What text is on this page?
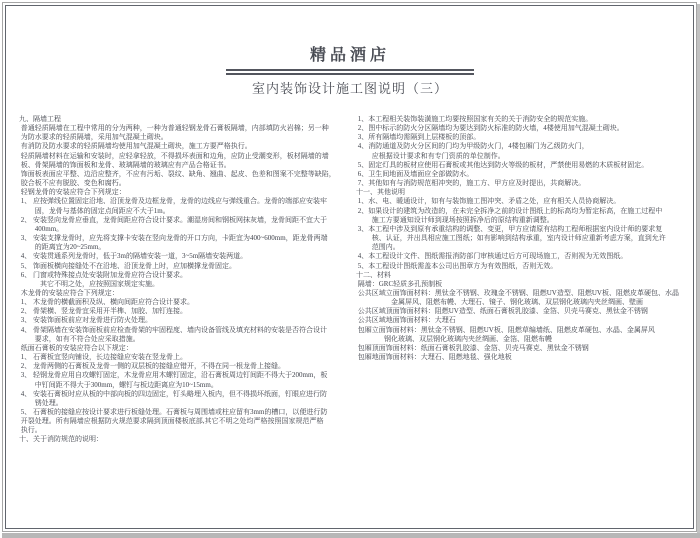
精品酒店
室内装饰设计施工图说明（三）
九、隔墙工程
普通轻质隔墙在工程中常用的分为两种，一种为普通轻钢龙骨石膏板隔墙，内部填防火岩棉；另一种
为防水要求的轻质隔墙，采用加气混凝土砌块。
有消防及防水要求的轻质隔墙均使用加气混凝土砌块，施工方要严格执行。
轻质隔墙材料在运输和安装时，应轻拿轻放，不得损坏表面和边角，应防止受潮变形，板材隔墙的墙
板、骨架隔墙的饰面板和龙骨、玻璃隔墙的玻璃应有产品合格证书。
饰面板表面应平整、边沿应整齐，不应有污垢、裂纹、缺角、翘曲、起皮、色差和图案不完整等缺陷，
胶合板不应有脱胶、变色和腐朽。
轻钢龙骨的安装应符合下列规定：
1、 应按弹线位置固定沿地、沿顶龙骨及边框龙骨，龙骨的边线应与弹线重合。龙骨的端部应安装牢
　　 固，龙骨与基体的固定点间距应不大于1m。
2、 安装竖向龙骨应垂直，龙骨间距应符合设计要求。潮湿房间和钢板网抹灰墙，龙骨间距不宜大于
　　 400mm。
3、 安装支撑龙骨时，应先将支撑卡安装在竖向龙骨的开口方向，卡距宜为400~600mm，距龙骨两端
　　 的距离宜为20~25mm。
4、 安装贯通系列龙骨时，低于3m的隔墙安装一道，3~5m隔墙安装两道。
5、 饰面板横向接缝处不在沿地、沿顶龙骨上时，应加横撑龙骨固定。
6、 门窗或特殊接点处安装附加龙骨应符合设计要求。
　　　其它不明之处，应按照国家规定实施。
木龙骨的安装应符合下列规定：
1、 木龙骨的横截面积及纵、横向间距应符合设计要求。
2、 骨架横、竖龙骨宜采用开半榫、加胶、加钉连接。
3、 安装饰面板前应对龙骨进行防火处理。
4、 骨架隔墙在安装饰面板前应检查骨架的牢固程度、墙内设备管线及填充材料的安装是否符合设计
　　 要求，如有不符合处应采取措施。
纸面石膏板的安装应符合以下规定：
1、 石膏板宜竖向铺设，长边接缝应安装在竖龙骨上。
2、 龙骨两侧的石膏板及龙骨一侧的双层板的接缝应错开，不得在同一根龙骨上接缝。
3、 轻钢龙骨应用自攻螺钉固定，木龙骨应用木螺钉固定，沿石膏板周边钉间距不得大于200mm，板
　　 中钉间距不得大于300mm，螺钉与板边距离应为10~15mm。
4、 安装石膏板时应从板的中部向板的四边固定，钉头略埋入板内，但不得损坏纸面，钉眼应进行防
　　 锈处理。
5、 石膏板的接缝应按设计要求进行板缝处理。石膏板与周围墙或柱应留有3mm的槽口，以便进行防
开裂处理。所有隔墙应根据防火规范要求隔到顶面楼板底部,其它不明之处均严格按照国家规范严格
执行。
十、关于消防规范的说明：
1、本工程相关装饰装潢施工均要按照国家有关的关于消防安全的规范实施。
2、图中标示的防火分区隔墙均为要达到防火标准的防火墙，4楼使用加气混凝土砌块。
3、所有隔墙均需隔到上层楼板的顶部。
4、消防通道及防火分区间的门均为甲级防火门，4楼包厢门为乙级防火门，
　　 应根据设计要求和有专门资质的单位制作。
5、固定灯具的板材应使用石膏板或其他达到防火等级的板材，严禁使用易燃的木质板材固定。
6、卫生间地面及墙面应全部做防水。
7、其他如有与消防规范相冲突的，施工方、甲方应及时提出，共商解决。
十一、其他说明
1、水、电、暖通设计，如有与装饰施工图冲突、矛盾之处，应有相关人员协商解决。
2、如果设计的建筑为改造的，在未完全拆净之前的设计图纸上的标高均为暂定标高，在施工过程中
　　 施工方要通知设计师到现场按照拆净后的原结构重新调整。
3、本工程中涉及到原有承重结构的调整、变更，甲方应请原有结构工程师根据室内设计师的要求复
　　 核、认证，并出具相应施工图纸；如有影响到结构承重，室内设计师应重新考虑方案，直到允许
　　 范围内。
4、本工程设计文件、图纸需报消防部门审核通过后方可现场施工，否则视为无效图纸。
5、本工程设计图纸需盖本公司出图章方为有效图纸，否则无效。
十二、材料
隔墙：GRC轻质多孔预制板
公共区域立面饰面材料：黑钛金不锈钢、玫瑰金不锈钢、阻燃UV造型、阻燃UV板、阻燃皮革硬包、水晶
　　　　　金属屏风、阻燃布幔、大理石、镜子、钢化玻璃、双层钢化玻璃内夹丝绸画、壁画
公共区域顶面饰面材料：阻燃UV造型、纸面石膏板乳胶漆、金箔、贝壳马赛克、黑钛金不锈钢
公共区域地面饰面材料：大理石
包厢立面饰面材料：黑钛金不锈钢、阻燃UV板、阻燃草编墙纸、阻燃皮革硬包、水晶、金属屏风
　　　　钢化玻璃、双层钢化玻璃内夹丝绸画、金箔、阻燃布幔
包厢顶面饰面材料：纸面石膏板乳胶漆、金箔、贝壳马赛克、黑钛金不锈钢
包厢地面饰面材料：大理石、阻燃地毯、强化地板
